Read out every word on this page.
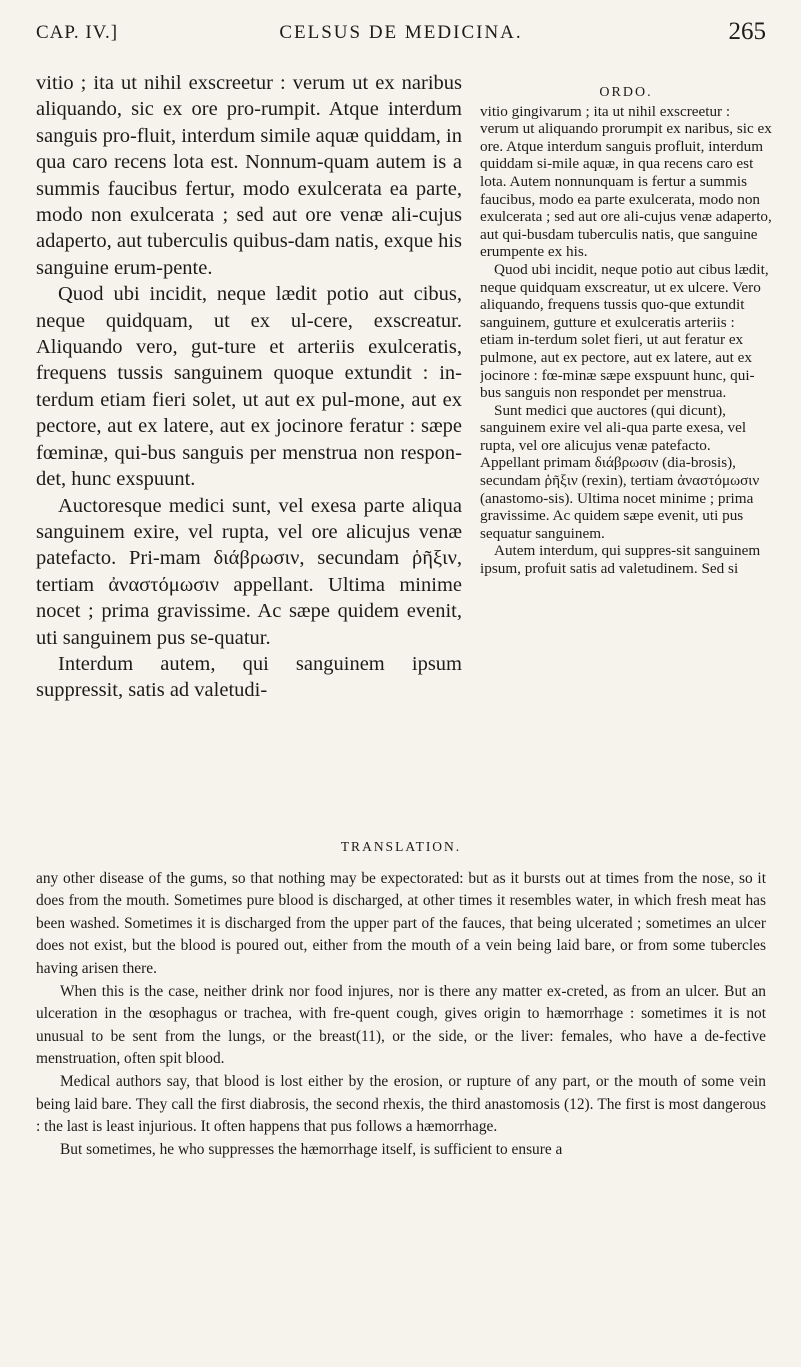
CAP. IV.]	CELSUS DE MEDICINA.	265

vitio ; ita ut nihil exscreetur : verum ut ex naribus aliquando, sic ex ore pro-rumpit. Atque interdum sanguis pro-fluit, interdum simile aquæ quiddam, in qua caro recens lota est. Nonnum-quam autem is a summis faucibus fertur, modo exulcerata ea parte, modo non exulcerata ; sed aut ore venæ ali-cujus adaperto, aut tuberculis quibus-dam natis, exque his sanguine erum-pente.

Quod ubi incidit, neque lædit potio aut cibus, neque quidquam, ut ex ul-cere, exscreatur. Aliquando vero, gut-ture et arteriis exulceratis, frequens tussis sanguinem quoque extundit : in-terdum etiam fieri solet, ut aut ex pul-mone, aut ex pectore, aut ex latere, aut ex jocinore feratur : sæpe fœminæ, qui-bus sanguis per menstrua non respon-det, hunc exspuunt.

Auctoresque medici sunt, vel exesa parte aliqua sanguinem exire, vel rupta, vel ore alicujus venæ patefacto. Pri-mam διάβρωσιν, secundam ῥῆξιν, tertiam ἀναστόμωσιν appellant. Ultima minime nocet ; prima gravissime. Ac sæpe quidem evenit, uti sanguinem pus se-quatur.

Interdum autem, qui sanguinem ipsum suppressit, satis ad valetudi-

ORDO.

vitio gingivarum ; ita ut nihil exscreetur : verum ut aliquando prorumpit ex naribus, sic ex ore. Atque interdum sanguis profluit, interdum quiddam si-mile aquæ, in qua recens caro est lota. Autem nonnunquam is fertur a summis faucibus, modo ea parte exulcerata, modo non exulcerata ; sed aut ore ali-cujus venæ adaperto, aut qui-busdam tuberculis natis, que sanguine erumpente ex his.

Quod ubi incidit, neque potio aut cibus lædit, neque quidquam exscreatur, ut ex ulcere. Vero aliquando, frequens tussis quo-que extundit sanguinem, gutture et exulceratis arteriis : etiam in-terdum solet fieri, ut aut feratur ex pulmone, aut ex pectore, aut ex latere, aut ex jocinore : fœ-minæ sæpe exspuunt hunc, qui-bus sanguis non respondet per menstrua.

Sunt medici que auctores (qui dicunt), sanguinem exire vel ali-qua parte exesa, vel rupta, vel ore alicujus venæ patefacto. Appellant primam διάβρωσιν (dia-brosis), secundam ῥῆξιν (rexin), tertiam ἀναστόμωσιν (anastomo-sis). Ultima nocet minime ; prima gravissime. Ac quidem sæpe evenit, uti pus sequatur sanguinem.

Autem interdum, qui suppres-sit sanguinem ipsum, profuit satis ad valetudinem. Sed si

TRANSLATION.

any other disease of the gums, so that nothing may be expectorated: but as it bursts out at times from the nose, so it does from the mouth. Sometimes pure blood is discharged, at other times it resembles water, in which fresh meat has been washed. Sometimes it is discharged from the upper part of the fauces, that being ulcerated ; sometimes an ulcer does not exist, but the blood is poured out, either from the mouth of a vein being laid bare, or from some tubercles having arisen there.

When this is the case, neither drink nor food injures, nor is there any matter ex-creted, as from an ulcer. But an ulceration in the œsophagus or trachea, with fre-quent cough, gives origin to hæmorrhage : sometimes it is not unusual to be sent from the lungs, or the breast(11), or the side, or the liver: females, who have a de-fective menstruation, often spit blood.

Medical authors say, that blood is lost either by the erosion, or rupture of any part, or the mouth of some vein being laid bare. They call the first diabrosis, the second rhexis, the third anastomosis (12). The first is most dangerous : the last is least injurious. It often happens that pus follows a hæmorrhage.

But sometimes, he who suppresses the hæmorrhage itself, is sufficient to ensure a
